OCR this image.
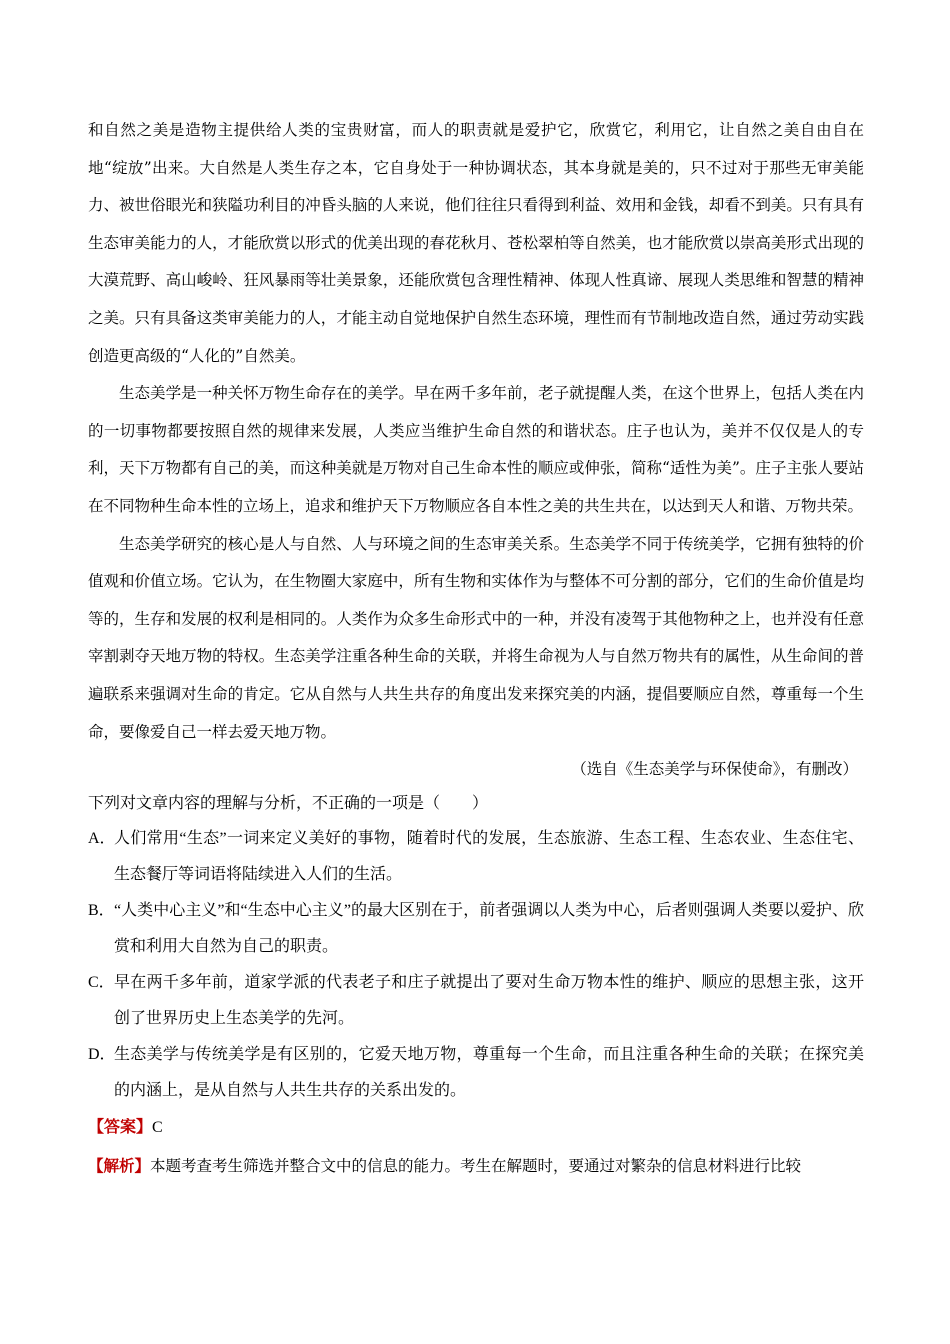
和自然之美是造物主提供给人类的宝贵财富，而人的职责就是爱护它，欣赏它，利用它，让自然之美自由自在地“绽放”出来。大自然是人类生存之本，它自身处于一种协调状态，其本身就是美的，只不过对于那些无审美能力、被世俗眼光和狭隘功利目的冲昏头脑的人来说，他们往往只看得到利益、效用和金钱，却看不到美。只有具有生态审美能力的人，才能欣赏以形式的优美出现的春花秋月、苍松翠柏等自然美，也才能欣赏以崇高美形式出现的大漠荒野、高山峻岭、狂风暴雨等壮美景象，还能欣赏包含理性精神、体现人性真谛、展现人类思维和智慧的精神之美。只有具备这类审美能力的人，才能主动自觉地保护自然生态环境，理性而有节制地改造自然，通过劳动实践创造更高级的“人化的”自然美。

生态美学是一种关怀万物生命存在的美学。早在两千多年前，老子就提醒人类，在这个世界上，包括人类在内的一切事物都要按照自然的规律来发展，人类应当维护生命自然的和谐状态。庄子也认为，美并不仅仅是人的专利，天下万物都有自己的美，而这种美就是万物对自己生命本性的顺应或伸张，简称“适性为美”。庄子主张人要站在不同物种生命本性的立场上，追求和维护天下万物顺应各自本性之美的共生共在，以达到天人和谐、万物共荣。

生态美学研究的核心是人与自然、人与环境之间的生态审美关系。生态美学不同于传统美学，它拥有独特的价值观和价值立场。它认为，在生物圈大家庭中，所有生物和实体作为与整体不可分割的部分，它们的生命价值是均等的，生存和发展的权利是相同的。人类作为众多生命形式中的一种，并没有凌驾于其他物种之上，也并没有任意宰割剥夺天地万物的特权。生态美学注重各种生命的关联，并将生命视为人与自然万物共有的属性，从生命间的普遍联系来强调对生命的肯定。它从自然与人共生共存的角度出发来探究美的内涵，提倡要顺应自然，尊重每一个生命，要像爱自己一样去爱天地万物。

（选自《生态美学与环保使命》，有删改）

下列对文章内容的理解与分析，不正确的一项是（　　）

A．
人们常用“生态”一词来定义美好的事物，随着时代的发展，生态旅游、生态工程、生态农业、生态住宅、生态餐厅等词语将陆续进入人们的生活。
B． “人类中心主义”和“生态中心主义”的最大区别在于，前者强调以人类为中心，后者则强调人类要以爱护、欣赏和利用大自然为自己的职责。
C． 早在两千多年前，道家学派的代表老子和庄子就提出了要对生命万物本性的维护、顺应的思想主张，这开创了世界历史上生态美学的先河。
D．
生态美学与传统美学是有区别的，它爱天地万物，尊重每一个生命，而且注重各种生命的关联；在探究美的内涵上，是从自然与人共生共存的关系出发的。

【答案】C

【解析】本题考查考生筛选并整合文中的信息的能力。考生在解题时，要通过对繁杂的信息材料进行比较
